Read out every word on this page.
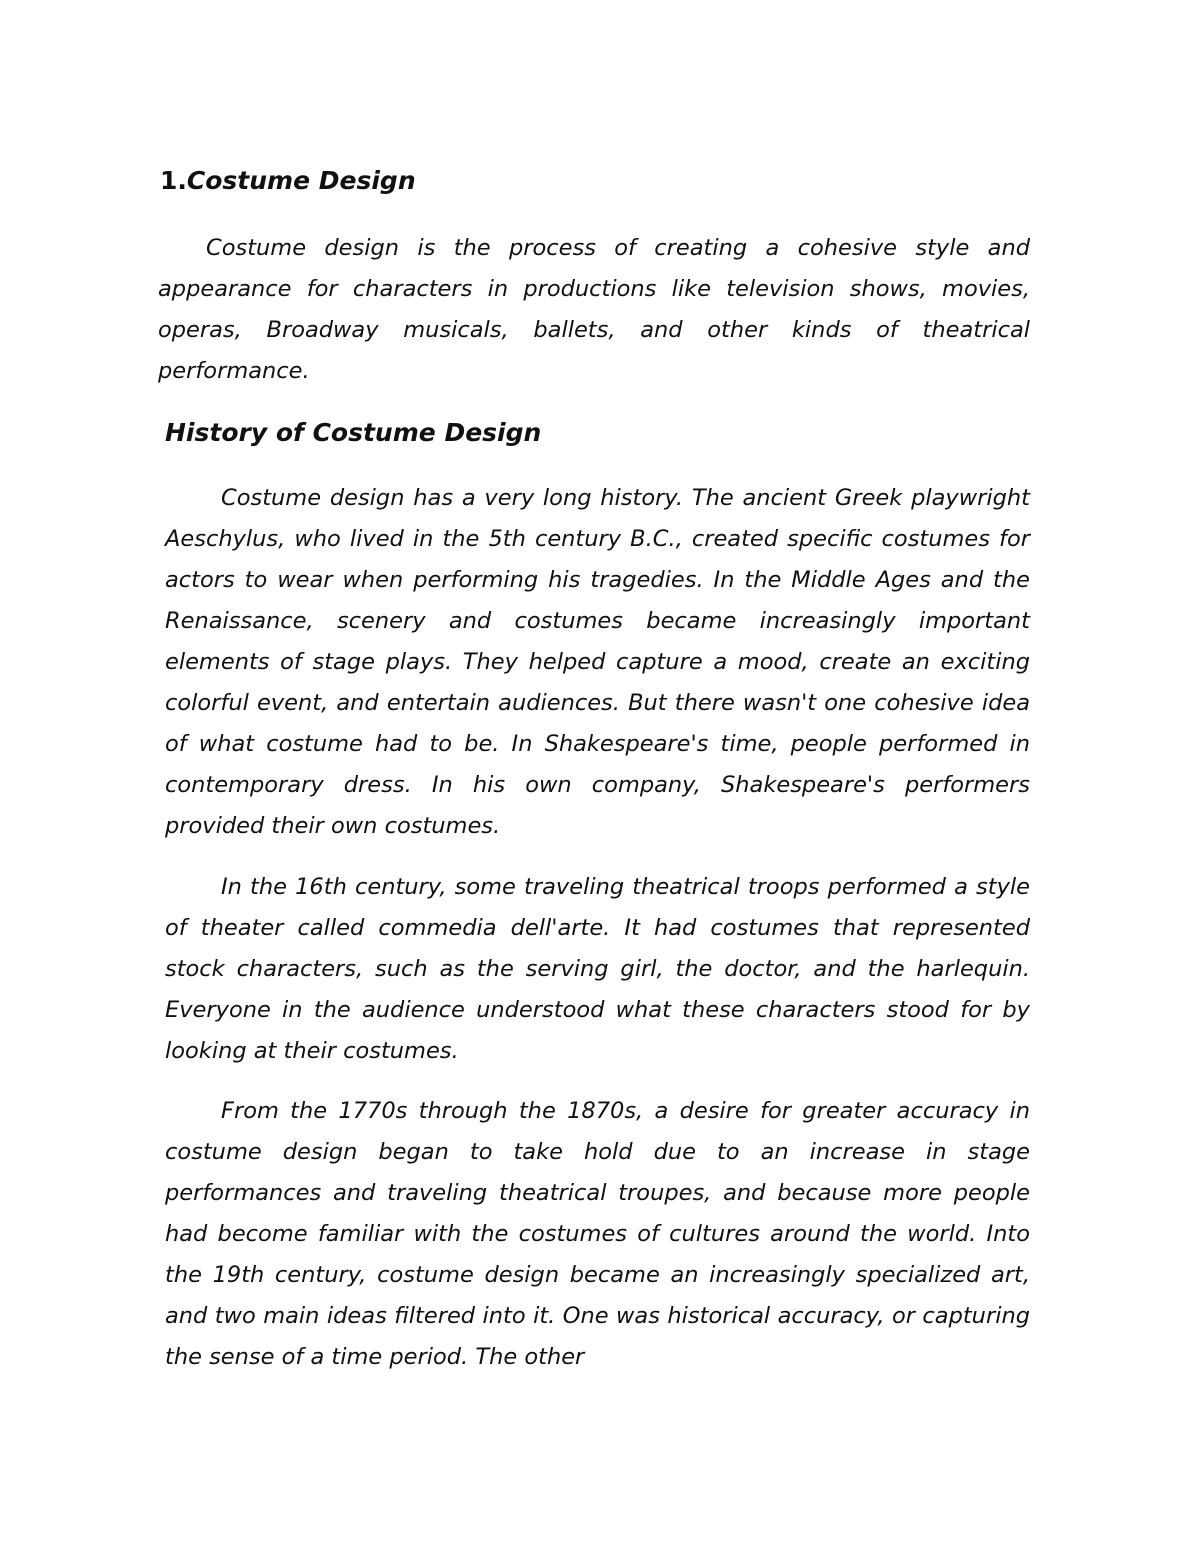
1.Costume Design

Costume design is the process of creating a cohesive style and appearance for characters in productions like television shows, movies, operas, Broadway musicals, ballets, and other kinds of theatrical performance.

History of Costume Design

Costume design has a very long history. The ancient Greek playwright Aeschylus, who lived in the 5th century B.C., created specific costumes for actors to wear when performing his tragedies. In the Middle Ages and the Renaissance, scenery and costumes became increasingly important elements of stage plays. They helped capture a mood, create an exciting colorful event, and entertain audiences. But there wasn't one cohesive idea of what costume had to be. In Shakespeare's time, people performed in contemporary dress. In his own company, Shakespeare's performers provided their own costumes.

In the 16th century, some traveling theatrical troops performed a style of theater called commedia dell'arte. It had costumes that represented stock characters, such as the serving girl, the doctor, and the harlequin. Everyone in the audience understood what these characters stood for by looking at their costumes.

From the 1770s through the 1870s, a desire for greater accuracy in costume design began to take hold due to an increase in stage performances and traveling theatrical troupes, and because more people had become familiar with the costumes of cultures around the world. Into the 19th century, costume design became an increasingly specialized art, and two main ideas filtered into it. One was historical accuracy, or capturing the sense of a time period. The other
